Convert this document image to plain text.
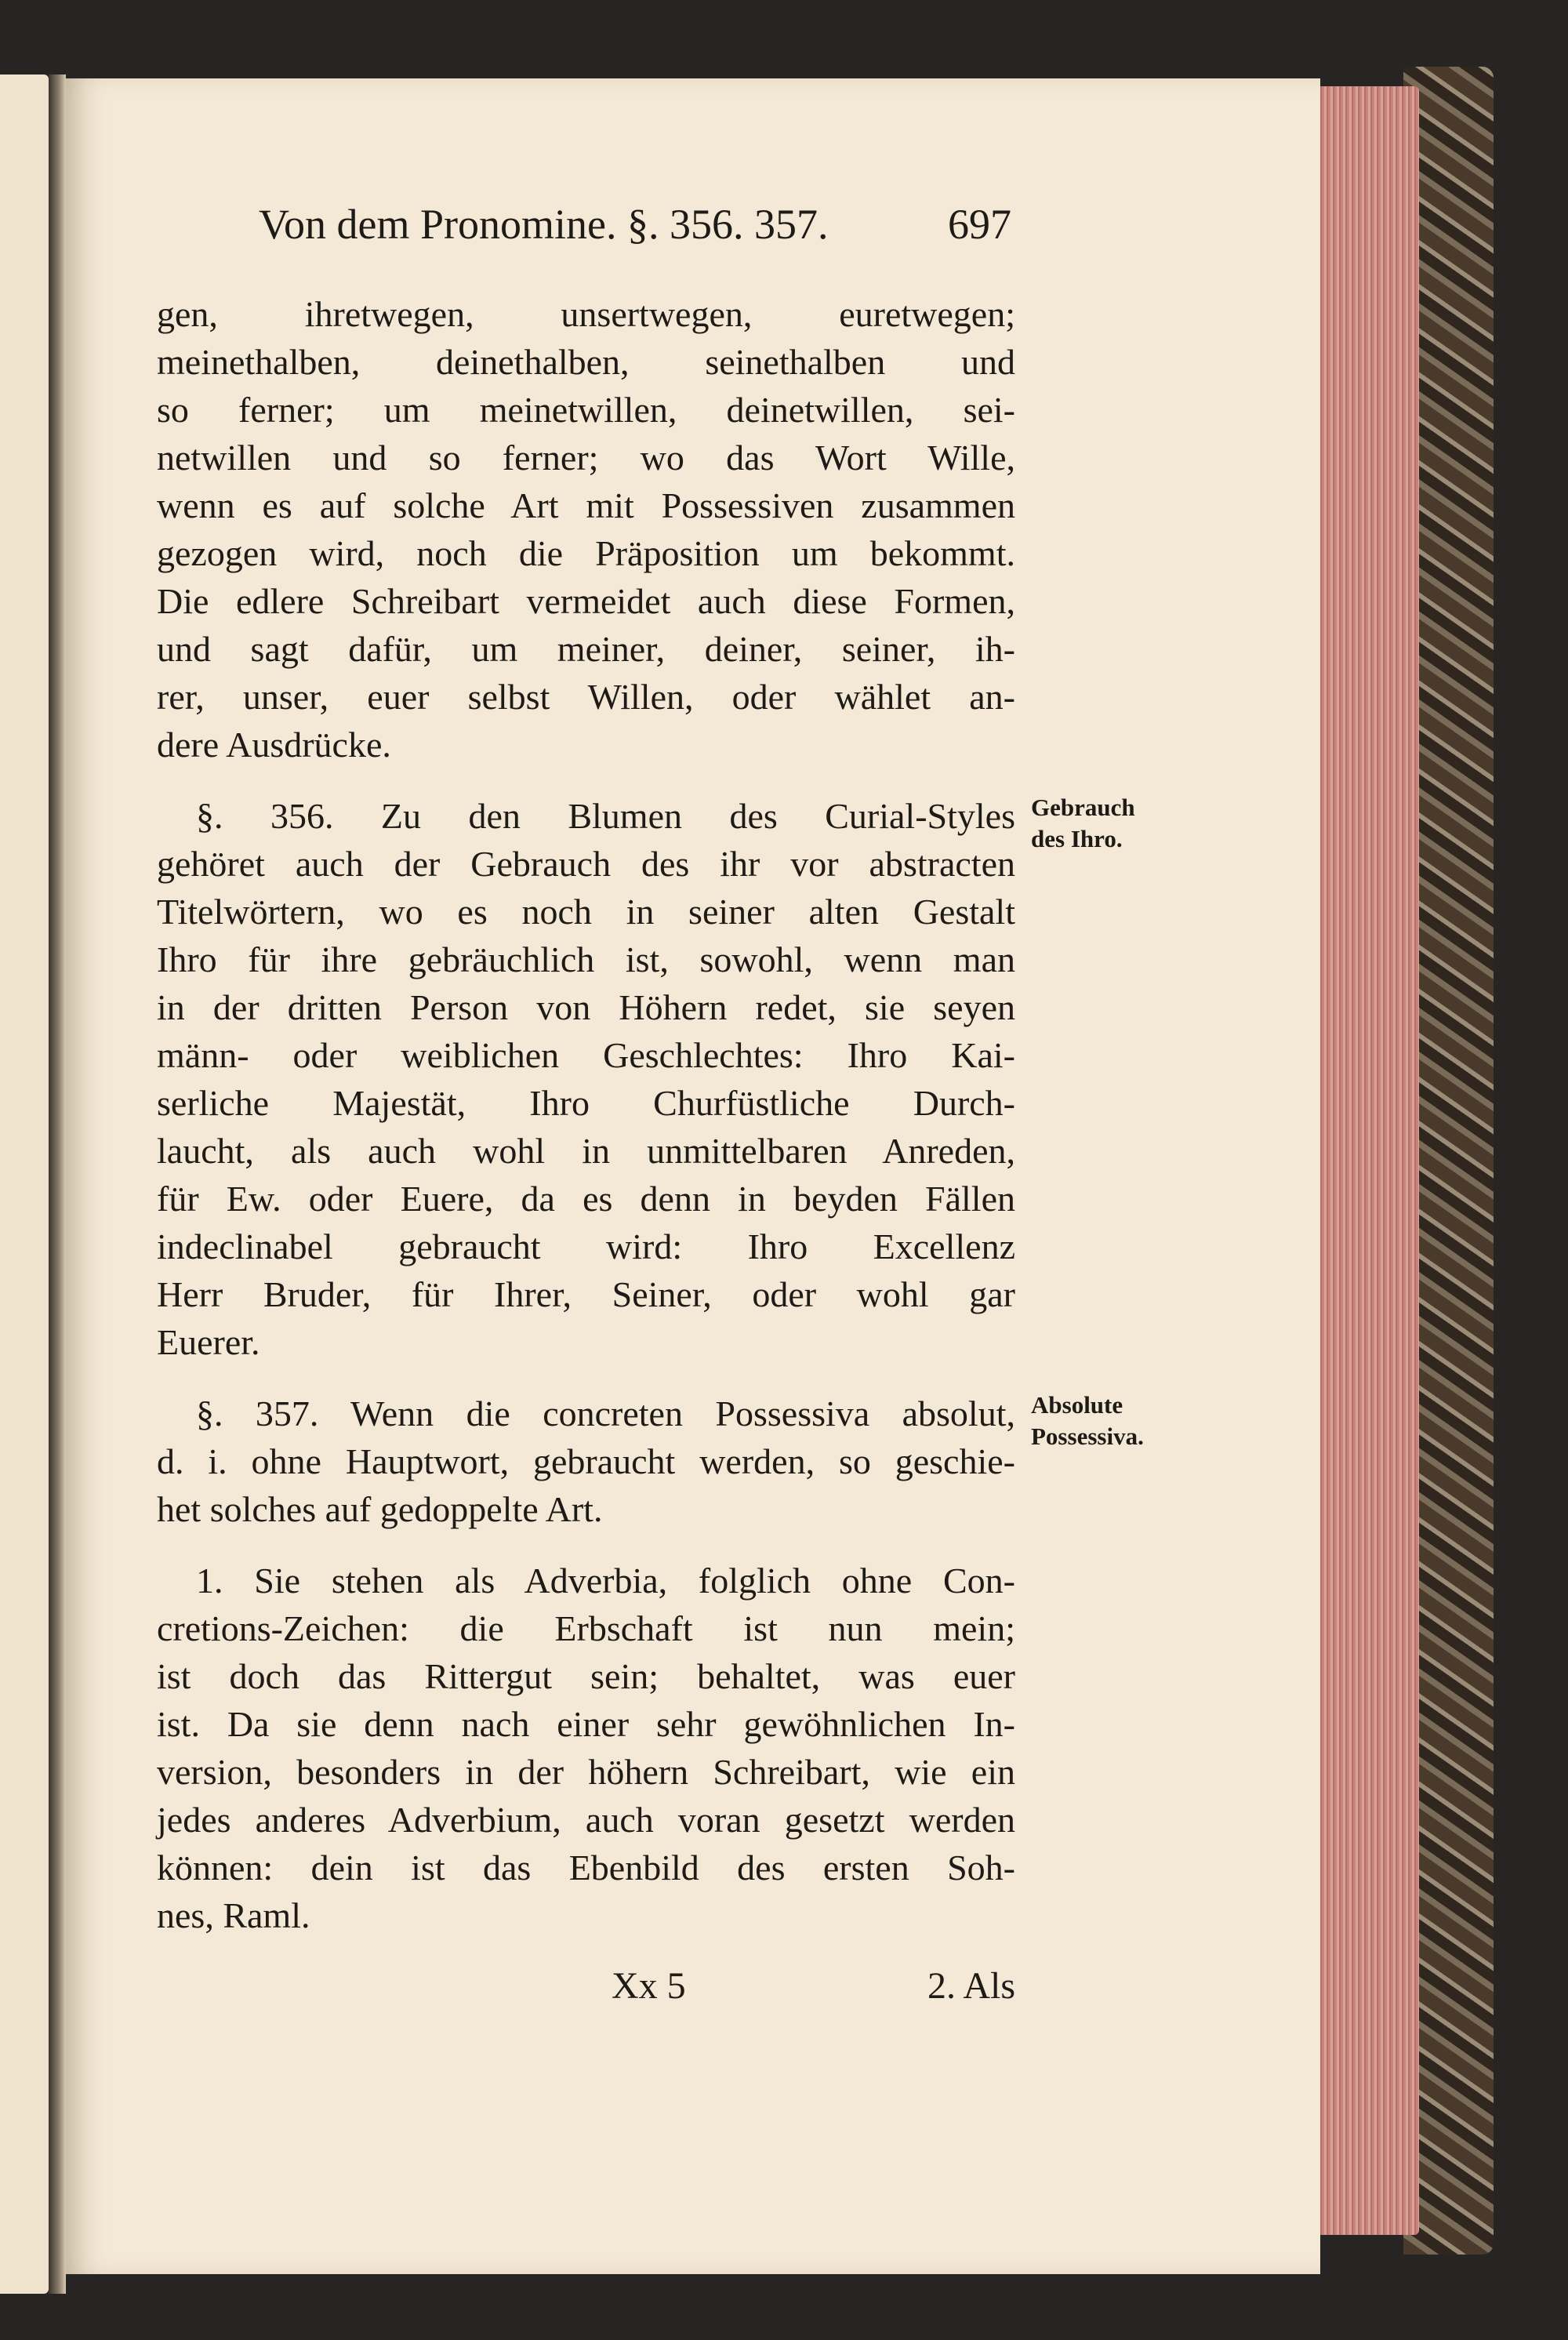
Von dem Pronomine. §. 356. 357.	697
gen, ihretwegen, unsertwegen, euretwegen;
meinethalben, deinethalben, seinethalben und
so ferner; um meinetwillen, deinetwillen, sei-
netwillen und so ferner; wo das Wort Wille,
wenn es auf solche Art mit Possessiven zusammen
gezogen wird, noch die Präposition um bekommt.
Die edlere Schreibart vermeidet auch diese Formen,
und sagt dafür, um meiner, deiner, seiner, ih-
rer, unser, euer selbst Willen, oder wählet an-
dere Ausdrücke.
§. 356. Zu den Blumen des Curial-Styles
gehöret auch der Gebrauch des ihr vor abstracten
Titelwörtern, wo es noch in seiner alten Gestalt
Ihro für ihre gebräuchlich ist, sowohl, wenn man
in der dritten Person von Höhern redet, sie seyen
männ- oder weiblichen Geschlechtes: Ihro Kai-
serliche Majestät, Ihro Churfüstliche Durch-
laucht, als auch wohl in unmittelbaren Anreden,
für Ew. oder Euere, da es denn in beyden Fällen
indeclinabel gebraucht wird: Ihro Excellenz
Herr Bruder, für Ihrer, Seiner, oder wohl gar
Euerer.
§. 357. Wenn die concreten Possessiva absolut,
d. i. ohne Hauptwort, gebraucht werden, so geschie-
het solches auf gedoppelte Art.
1. Sie stehen als Adverbia, folglich ohne Con-
cretions-Zeichen: die Erbschaft ist nun mein;
ist doch das Rittergut sein; behaltet, was euer
ist. Da sie denn nach einer sehr gewöhnlichen In-
version, besonders in der höhern Schreibart, wie ein
jedes anderes Adverbium, auch voran gesetzt werden
können: dein ist das Ebenbild des ersten Soh-
nes, Raml.
Gebrauch
des Ihro.
Absolute
Possessiva.
Xx 5	2. Als
